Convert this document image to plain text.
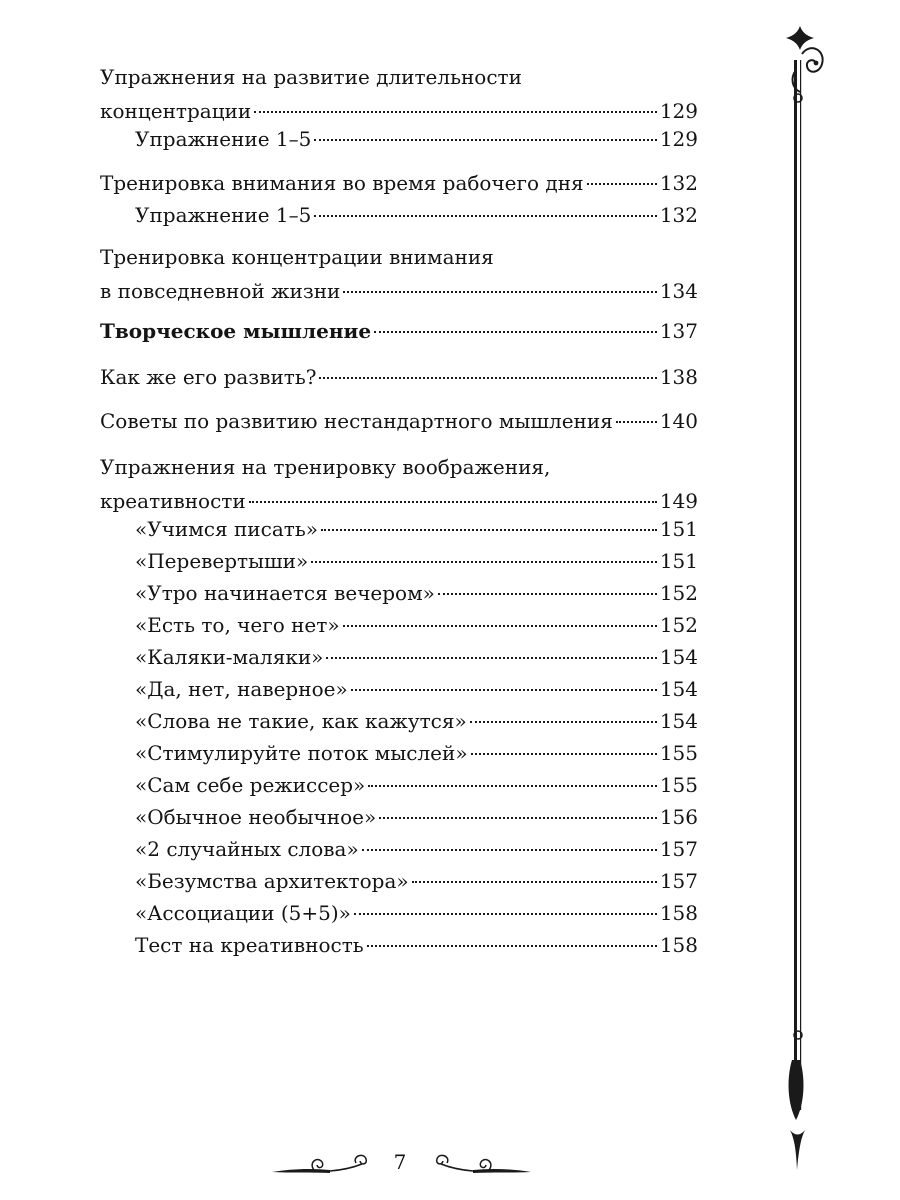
Упражнения на развитие длительности
концентрации	129
Упражнение 1–5	129
Тренировка внимания во время рабочего дня	132
Упражнение 1–5	132
Тренировка концентрации внимания
в повседневной жизни	134
Творческое мышление	137
Как же его развить?	138
Советы по развитию нестандартного мышления 140
Упражнения на тренировку воображения,
креативности	149
«Учимся писать»	151
«Перевертыши»	151
«Утро начинается вечером»	152
«Есть то, чего нет»	152
«Каляки-маляки»	154
«Да, нет, наверное»	154
«Слова не такие, как кажутся»	154
«Стимулируйте поток мыслей»	155
«Сам себе режиссер»	155
«Обычное необычное»	156
«2 случайных слова»	157
«Безумства архитектора»	157
«Ассоциации (5+5)»	158
Тест на креативность	158
7
